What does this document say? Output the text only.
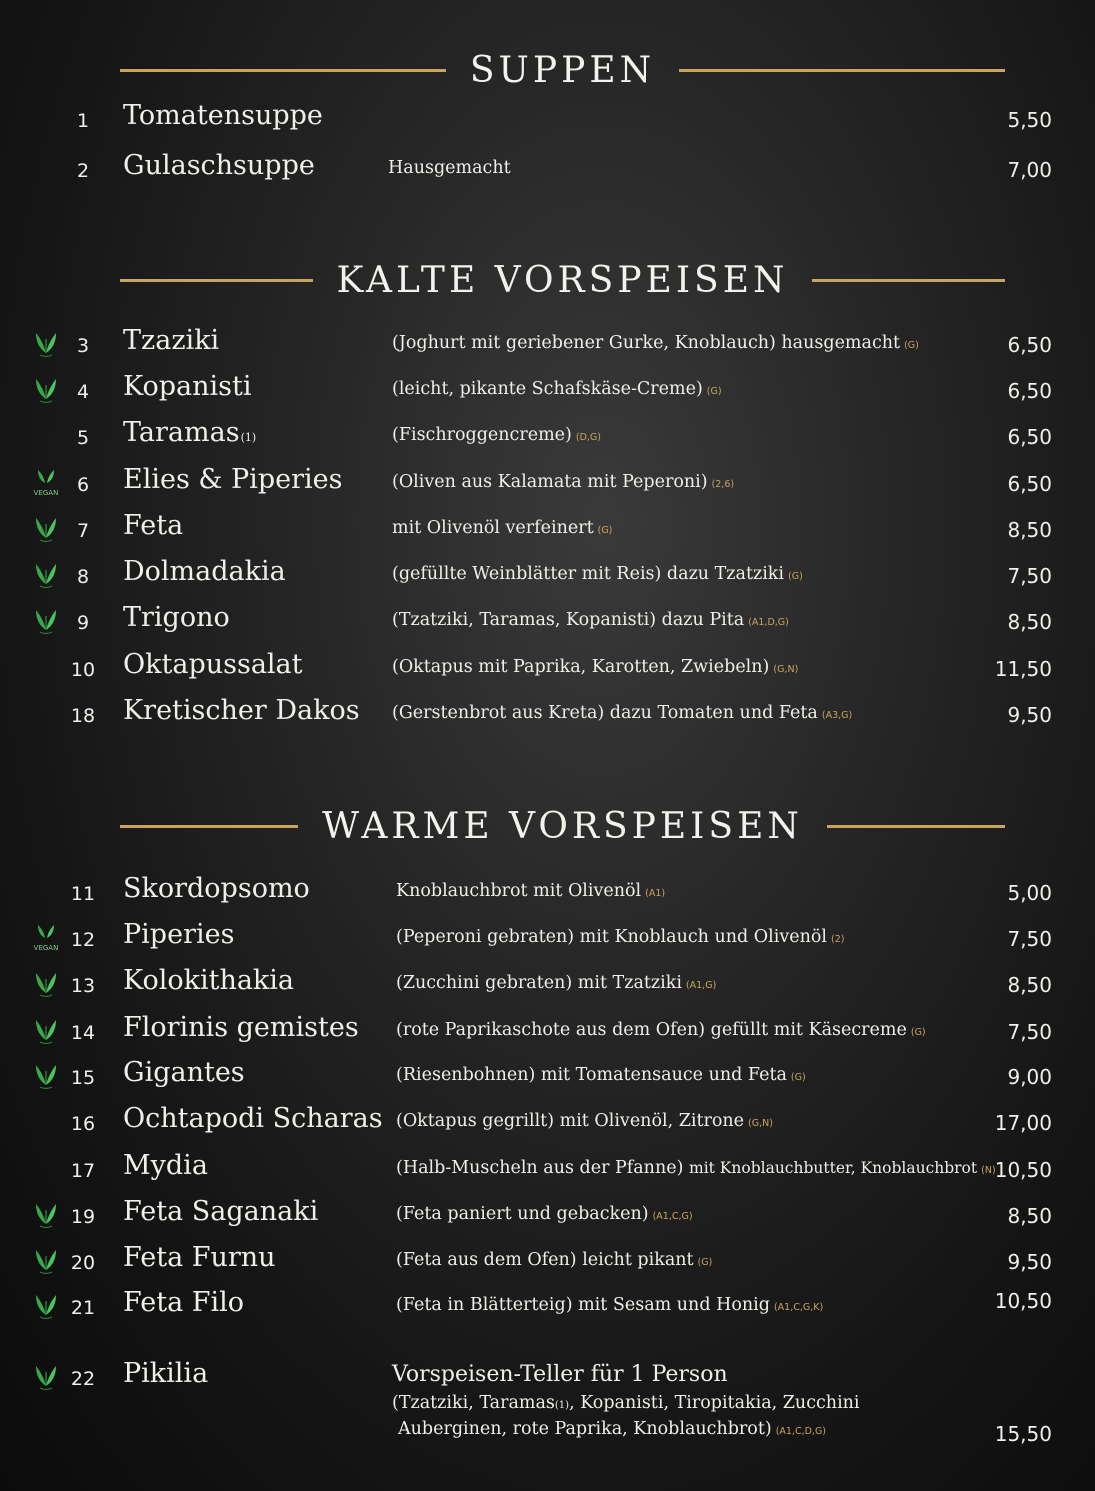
SUPPEN
1	Tomatensuppe	5,50
2	Gulaschsuppe	Hausgemacht	7,00
KALTE VORSPEISEN
3	Tzaziki	(Joghurt mit geriebener Gurke, Knoblauch) hausgemacht (G)	6,50
4	Kopanisti	(leicht, pikante Schafskäse-Creme) (G)	6,50
5	Taramas(1)	(Fischroggencreme) (D,G)	6,50
6	Elies & Piperies	(Oliven aus Kalamata mit Peperoni) (2,6)	6,50
7	Feta	mit Olivenöl verfeinert (G)	8,50
8	Dolmadakia	(gefüllte Weinblätter mit Reis) dazu Tzatziki (G)	7,50
9	Trigono	(Tzatziki, Taramas, Kopanisti) dazu Pita (A1,D,G)	8,50
10	Oktapussalat	(Oktapus mit Paprika, Karotten, Zwiebeln) (G,N)	11,50
18	Kretischer Dakos (Gerstenbrot aus Kreta) dazu Tomaten und Feta (A3,G)	9,50
WARME VORSPEISEN
11	Skordopsomo	Knoblauchbrot mit Olivenöl (A1)	5,00
12	Piperies	(Peperoni gebraten) mit Knoblauch und Olivenöl (2)	7,50
13	Kolokithakia	(Zucchini gebraten) mit Tzatziki (A1,G)	8,50
14	Florinis gemistes (rote Paprikaschote aus dem Ofen) gefüllt mit Käsecreme (G)	7,50
15	Gigantes	(Riesenbohnen) mit Tomatensauce und Feta (G)	9,00
16	Ochtapodi Scharas (Oktapus gegrillt) mit Olivenöl, Zitrone (G,N)	17,00
17	Mydia	(Halb-Muscheln aus der Pfanne) mit Knoblauchbutter, Knoblauchbrot (N) 10,50
19	Feta Saganaki	(Feta paniert und gebacken) (A1,C,G)	8,50
20	Feta Furnu	(Feta aus dem Ofen) leicht pikant (G)	9,50
21	Feta Filo	(Feta in Blätterteig) mit Sesam und Honig (A1,C,G,K)	10,50
22	Pikilia	Vorspeisen-Teller für 1 Person
(Tzatziki, Taramas(1), Kopanisti, Tiropitakia, Zucchini
Auberginen, rote Paprika, Knoblauchbrot) (A1,C,D,G)	15,50
